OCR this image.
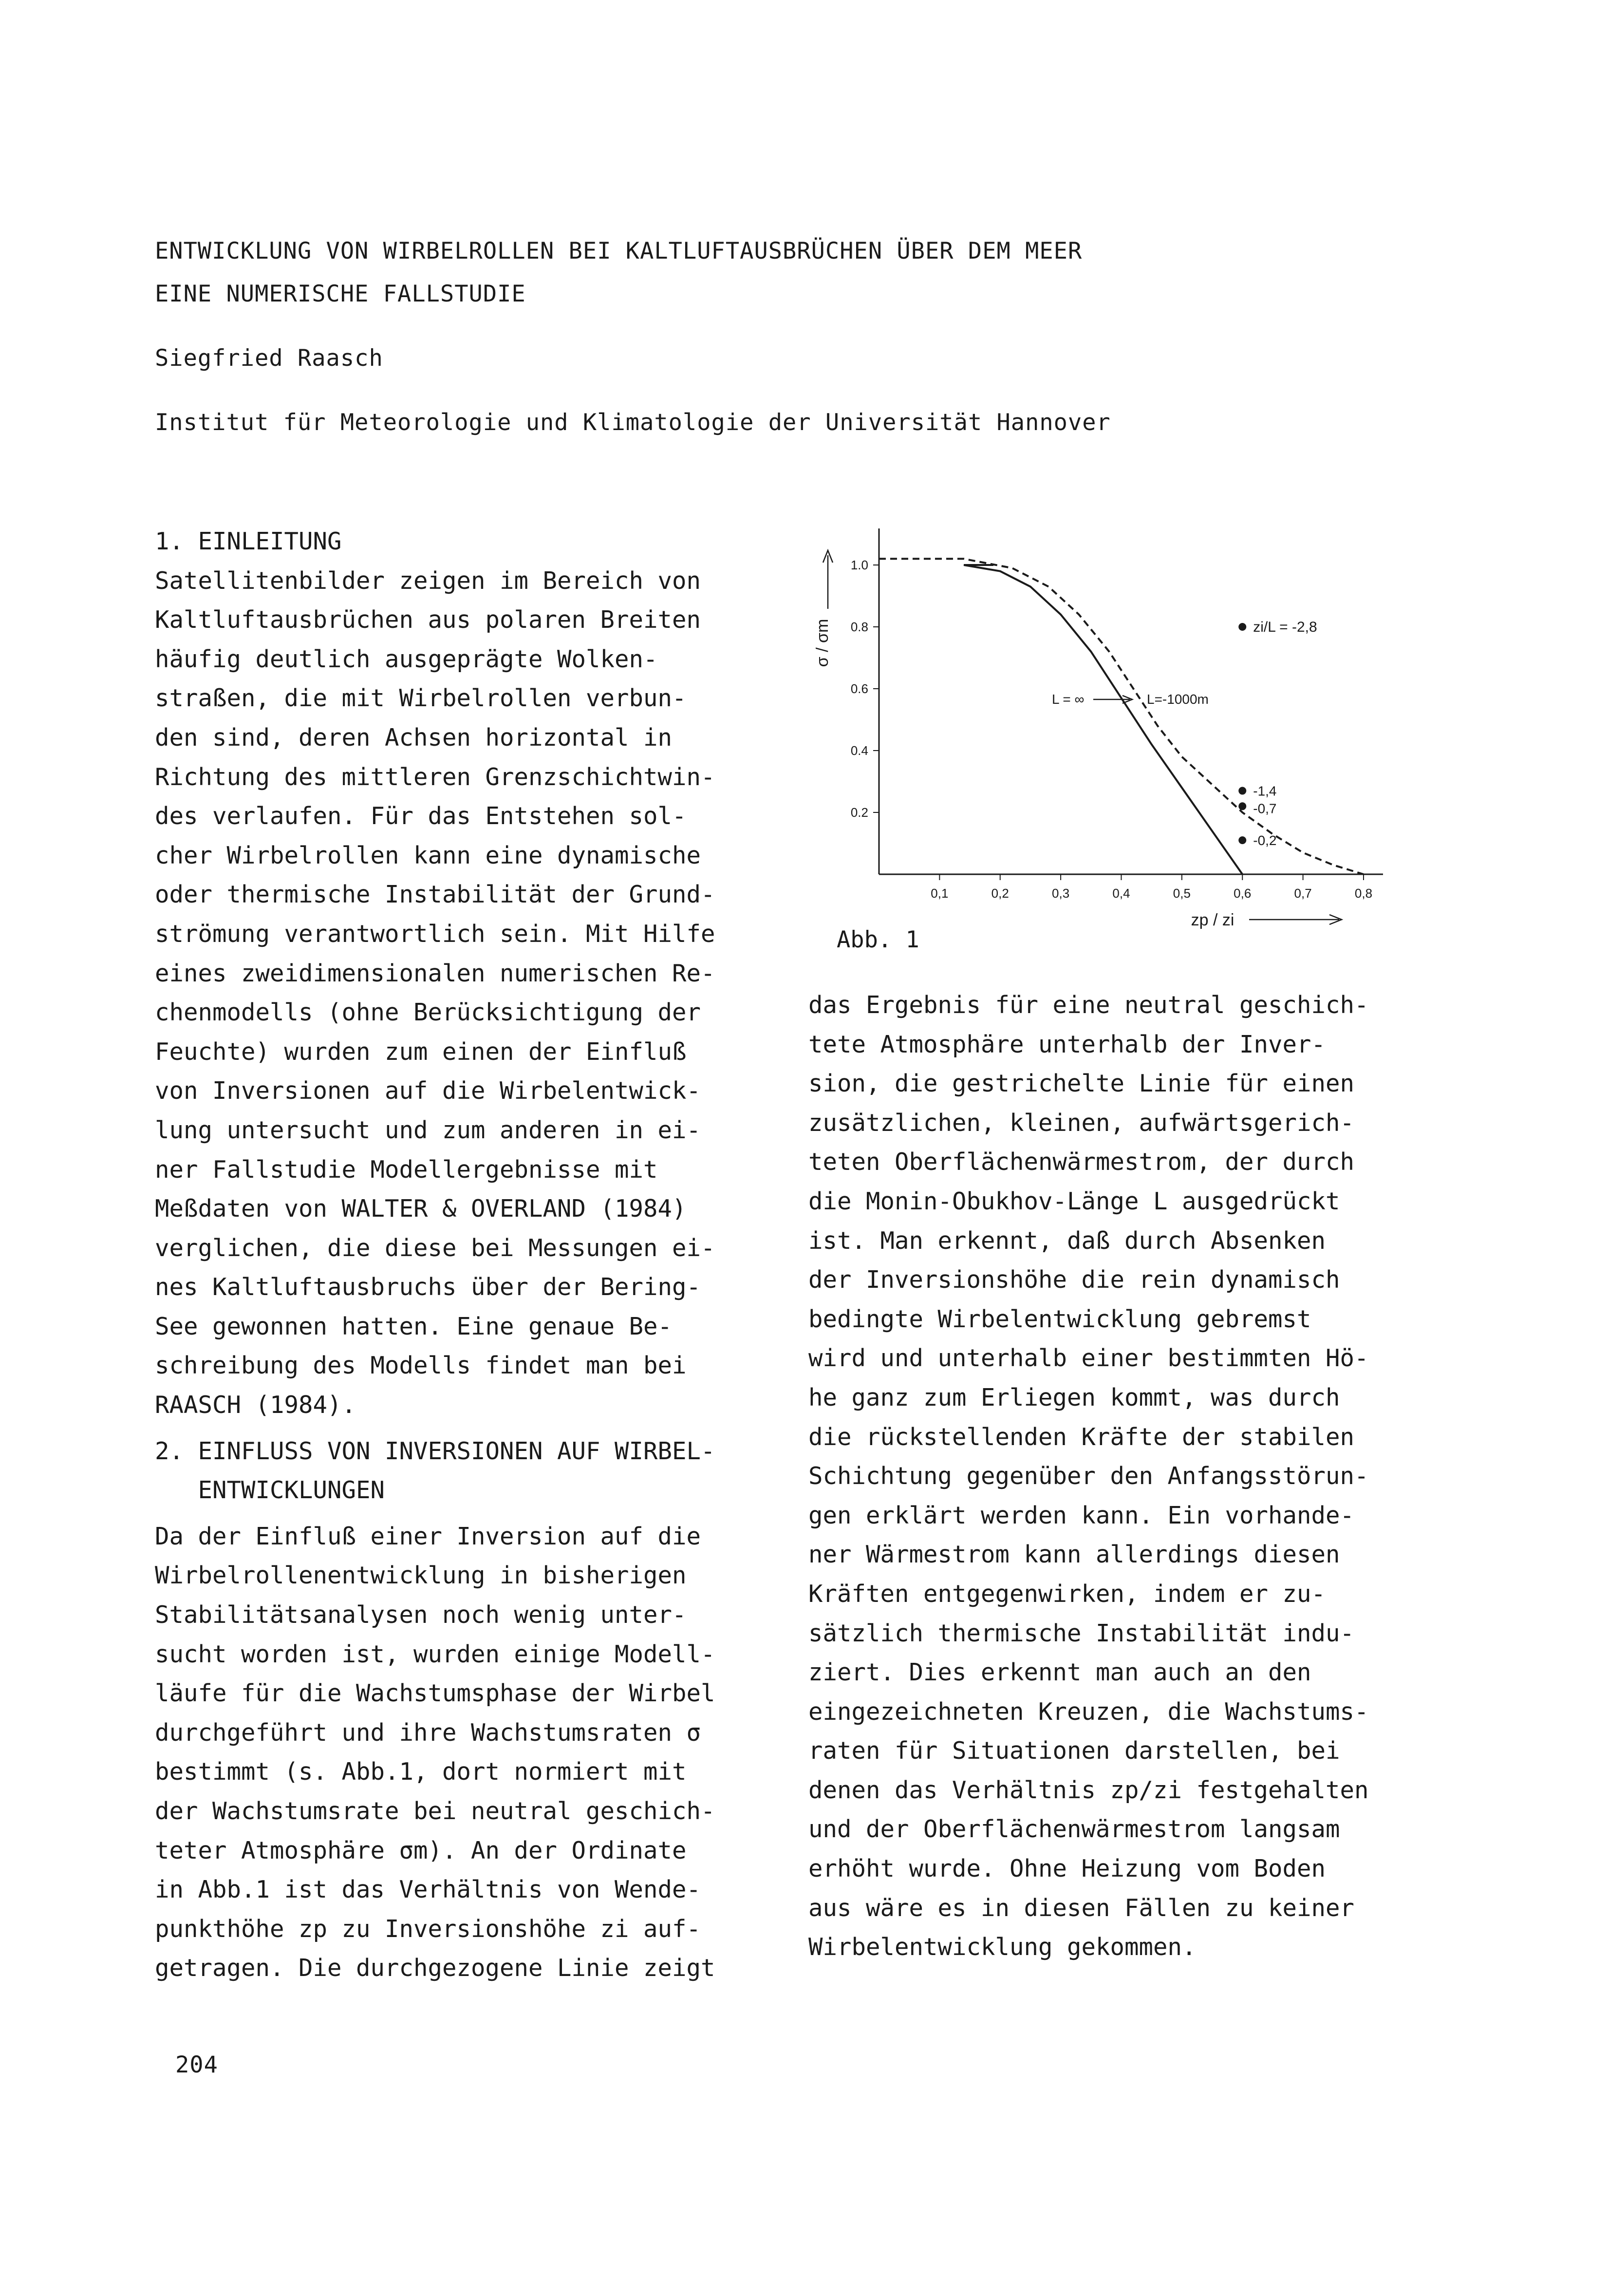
ENTWICKLUNG VON WIRBELROLLEN BEI KALTLUFTAUSBRÜCHEN ÜBER DEM MEER
EINE NUMERISCHE FALLSTUDIE
Siegfried Raasch
Institut für Meteorologie und Klimatologie der Universität Hannover

1. EINLEITUNG

Satellitenbilder zeigen im Bereich von

Kaltluftausbrüchen aus polaren Breiten

häufig deutlich ausgeprägte Wolken-

straßen, die mit Wirbelrollen verbun-

den sind, deren Achsen horizontal in

Richtung des mittleren Grenzschichtwin-

des verlaufen. Für das Entstehen sol-

cher Wirbelrollen kann eine dynamische

oder thermische Instabilität der Grund-

strömung verantwortlich sein. Mit Hilfe

eines zweidimensionalen numerischen Re-

chenmodells (ohne Berücksichtigung der

Feuchte) wurden zum einen der Einfluß

von Inversionen auf die Wirbelentwick-

lung untersucht und zum anderen in ei-

ner Fallstudie Modellergebnisse mit

Meßdaten von WALTER & OVERLAND (1984)

verglichen, die diese bei Messungen ei-

nes Kaltluftausbruchs über der Bering-

See gewonnen hatten. Eine genaue Be-

schreibung des Modells findet man bei

RAASCH (1984).

2. EINFLUSS VON INVERSIONEN AUF WIRBEL-

ENTWICKLUNGEN

Da der Einfluß einer Inversion auf die

Wirbelrollenentwicklung in bisherigen

Stabilitätsanalysen noch wenig unter-

sucht worden ist, wurden einige Modell-

läufe für die Wachstumsphase der Wirbel

durchgeführt und ihre Wachstumsraten σ

bestimmt (s. Abb.1, dort normiert mit

der Wachstumsrate bei neutral geschich-

teter Atmosphäre σm). An der Ordinate

in Abb.1 ist das Verhältnis von Wende-

punkthöhe zp zu Inversionshöhe zi auf-

getragen. Die durchgezogene Linie zeigt

0,1	0,2	0,3	0,4	0,5	0,6	0,7	0,8
0.2
0.4
0.6
0.8
1.0
σ / σm
zp / zi
L = ∞	L=-1000m
zi/L = -2,8
-1,4
-0,7
-0,2
Abb. 1

das Ergebnis für eine neutral geschich-

tete Atmosphäre unterhalb der Inver-

sion, die gestrichelte Linie für einen

zusätzlichen, kleinen, aufwärtsgerich-

teten Oberflächenwärmestrom, der durch

die Monin-Obukhov-Länge L ausgedrückt

ist. Man erkennt, daß durch Absenken

der Inversionshöhe die rein dynamisch

bedingte Wirbelentwicklung gebremst

wird und unterhalb einer bestimmten Hö-

he ganz zum Erliegen kommt, was durch

die rückstellenden Kräfte der stabilen

Schichtung gegenüber den Anfangsstörun-

gen erklärt werden kann. Ein vorhande-

ner Wärmestrom kann allerdings diesen

Kräften entgegenwirken, indem er zu-

sätzlich thermische Instabilität indu-

ziert. Dies erkennt man auch an den

eingezeichneten Kreuzen, die Wachstums-

raten für Situationen darstellen, bei

denen das Verhältnis zp/zi festgehalten

und der Oberflächenwärmestrom langsam

erhöht wurde. Ohne Heizung vom Boden

aus wäre es in diesen Fällen zu keiner

Wirbelentwicklung gekommen.

204
